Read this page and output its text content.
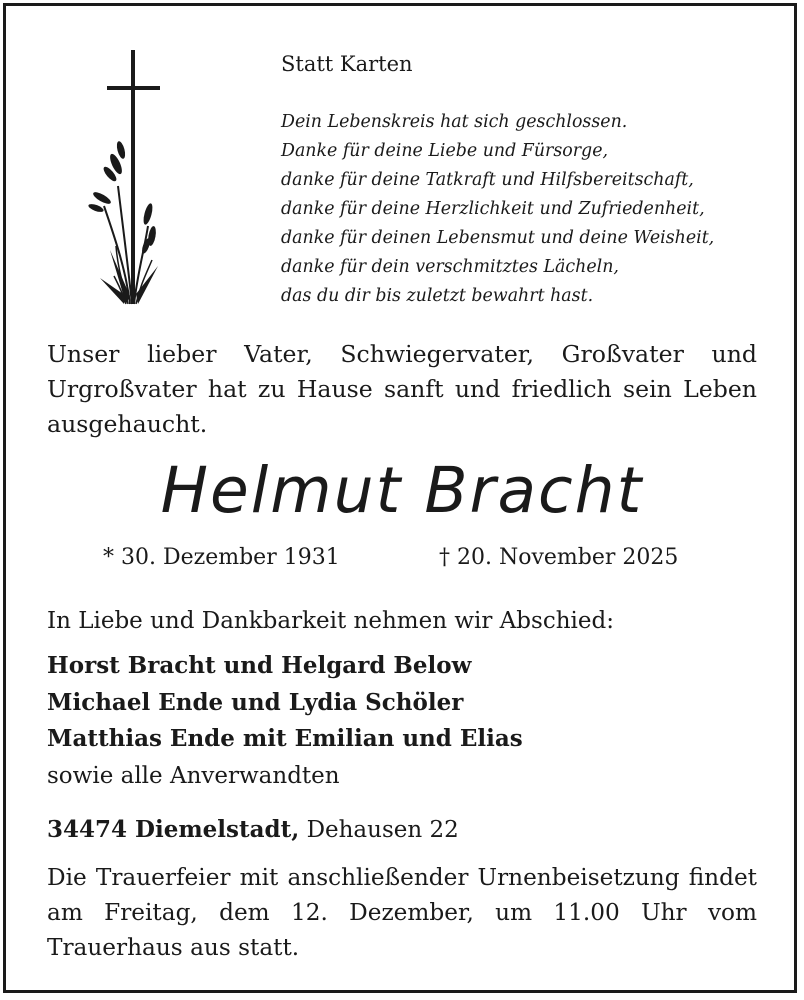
Statt Karten

Dein Lebenskreis hat sich geschlossen.
Danke für deine Liebe und Fürsorge,
danke für deine Tatkraft und Hilfsbereitschaft,
danke für deine Herzlichkeit und Zufriedenheit,
danke für deinen Lebensmut und deine Weisheit,
danke für dein verschmitztes Lächeln,
das du dir bis zuletzt bewahrt hast.

Unser lieber Vater, Schwiegervater, Großvater und Urgroßvater hat zu Hause sanft und friedlich sein Leben ausgehaucht.

Helmut Bracht

* 30. Dezember 1931	† 20. November 2025

In Liebe und Dankbarkeit nehmen wir Abschied:

Horst Bracht und Helgard Below
Michael Ende und Lydia Schöler
Matthias Ende mit Emilian und Elias
sowie alle Anverwandten

34474 Diemelstadt, Dehausen 22

Die Trauerfeier mit anschließender Urnenbeisetzung findet am Freitag, dem 12. Dezember, um 11.00 Uhr vom Trauerhaus aus statt.
